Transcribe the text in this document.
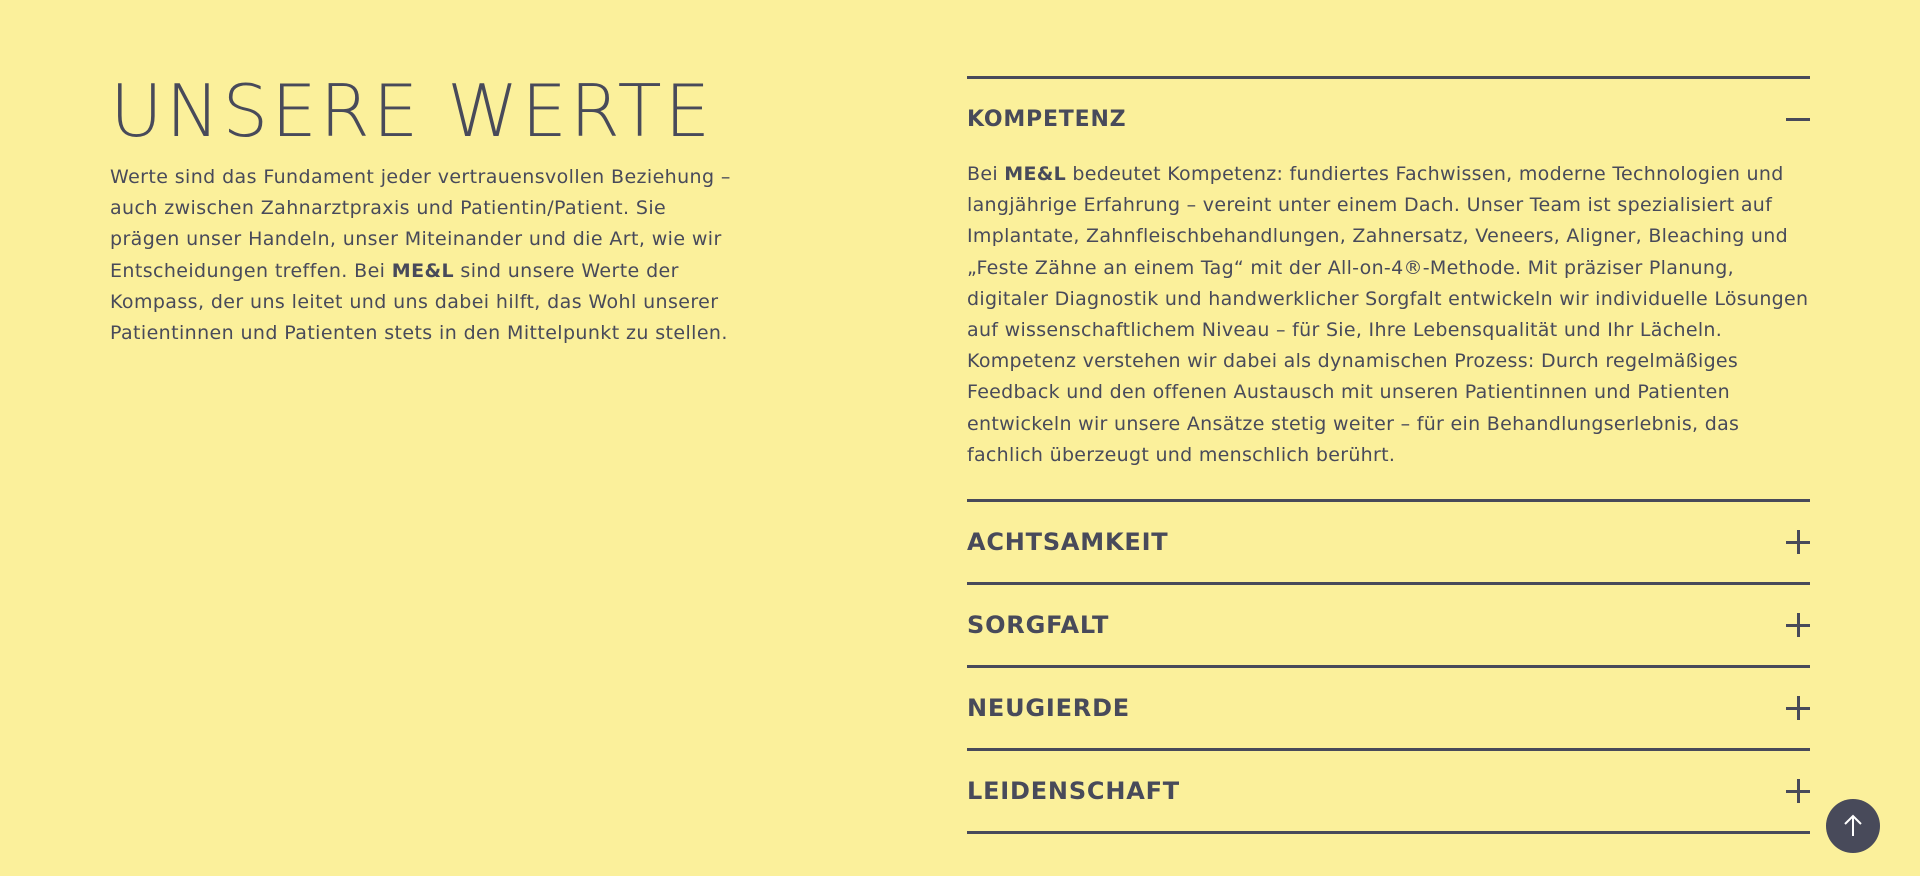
UNSERE WERTE

Werte sind das Fundament jeder vertrauensvollen Beziehung – auch zwischen Zahnarztpraxis und Patientin/Patient. Sie prägen unser Handeln, unser Miteinander und die Art, wie wir Entscheidungen treffen. Bei ME&L sind unsere Werte der Kompass, der uns leitet und uns dabei hilft, das Wohl unserer Patientinnen und Patienten stets in den Mittelpunkt zu stellen.

KOMPETENZ
Bei ME&L bedeutet Kompetenz: fundiertes Fachwissen, moderne Technologien und langjährige Erfahrung – vereint unter einem Dach. Unser Team ist spezialisiert auf Implantate, Zahnfleischbehandlungen, Zahnersatz, Veneers, Aligner, Bleaching und „Feste Zähne an einem Tag“ mit der All-on-4®-Methode. Mit präziser Planung, digitaler Diagnostik und handwerklicher Sorgfalt entwickeln wir individuelle Lösungen auf wissenschaftlichem Niveau – für Sie, Ihre Lebensqualität und Ihr Lächeln. Kompetenz verstehen wir dabei als dynamischen Prozess: Durch regelmäßiges Feedback und den offenen Austausch mit unseren Patientinnen und Patienten entwickeln wir unsere Ansätze stetig weiter – für ein Behandlungserlebnis, das fachlich überzeugt und menschlich berührt.
ACHTSAMKEIT
SORGFALT
NEUGIERDE
LEIDENSCHAFT
